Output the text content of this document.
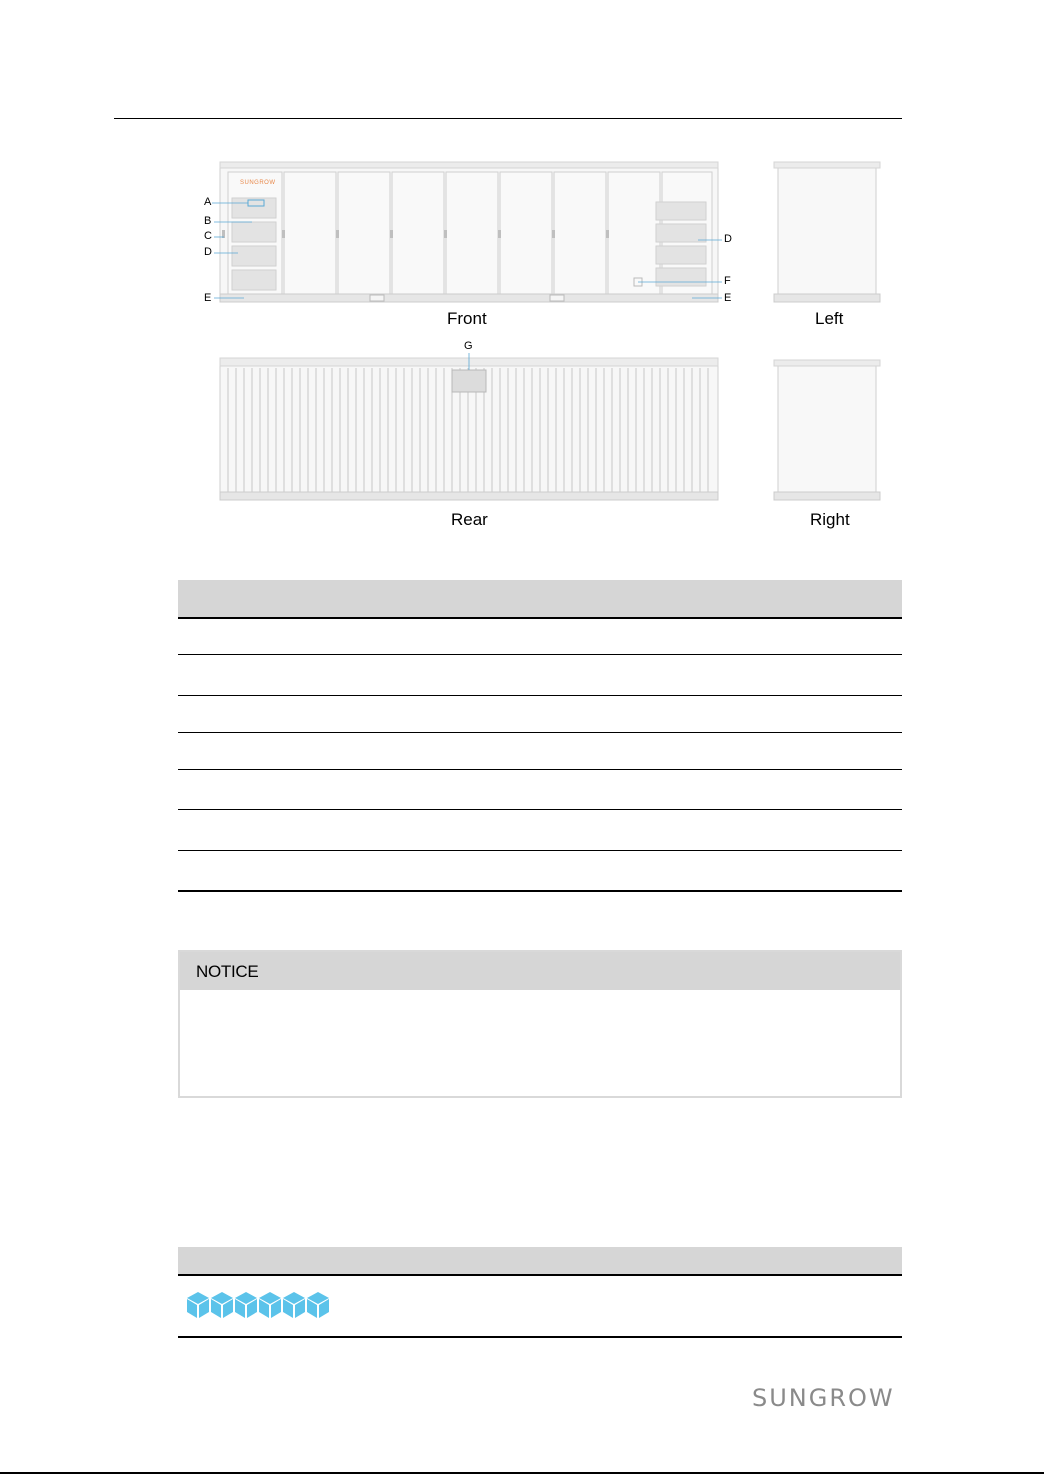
SUNGROW
A
B
C
D
D
F
E	E
G
Front	Left
Rear	Right
NOTICE
SUNGROW
